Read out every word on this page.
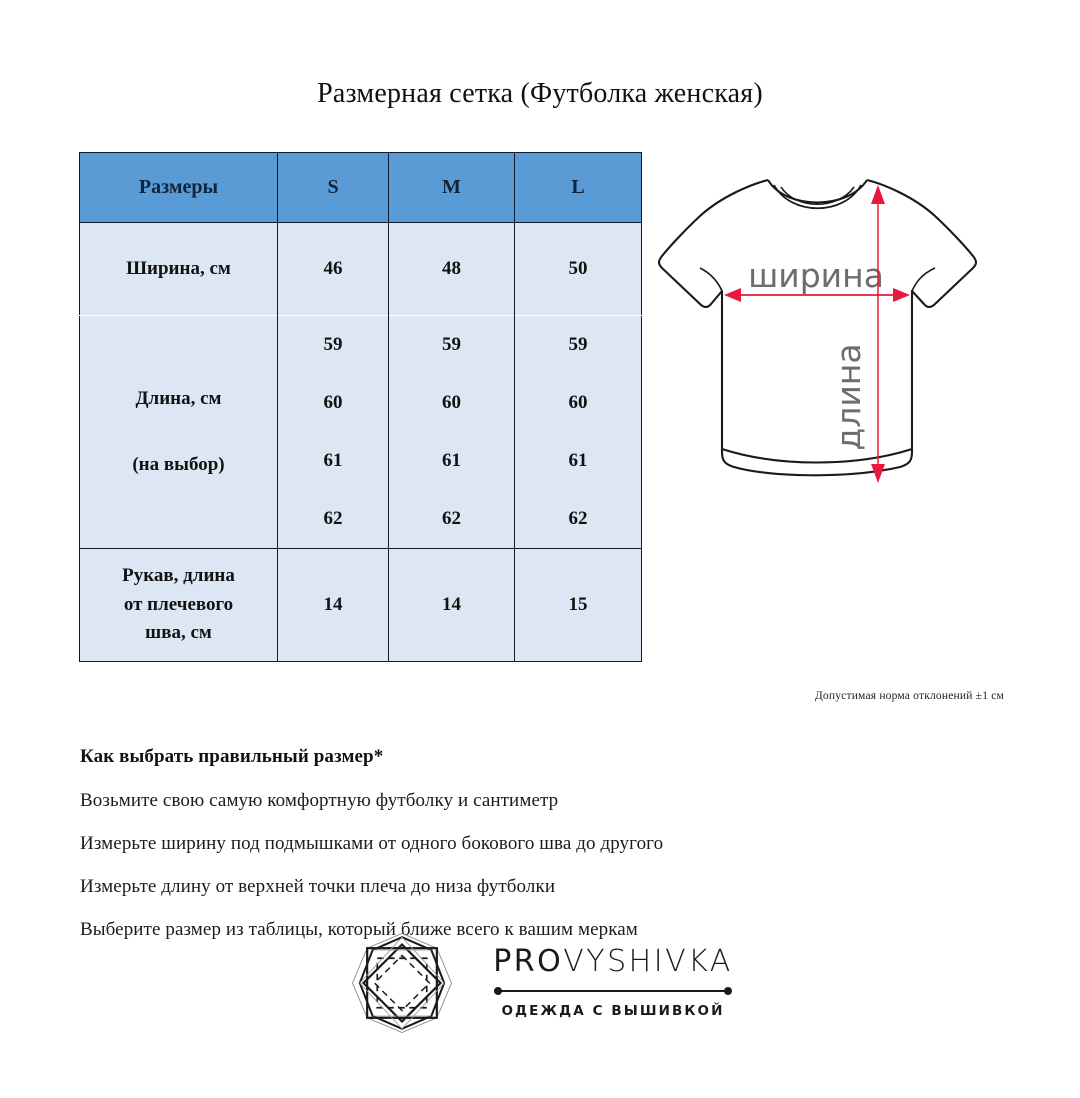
Размерная сетка (Футболка женская)
Размеры	S	M	L
Ширина, см	46	48	50

Длина, см
(на выбор)	59	59	59
	60	60	60
	61	61	61
	62	62	62
Рукав, длина
от плечевого
шва, см	14	14	15
ширина
длина
Допустимая норма отклонений ±1 см
Как выбрать правильный размер*
Возьмите свою самую комфортную футболку и сантиметр
Измерьте ширину под подмышками от одного бокового шва до другого
Измерьте длину от верхней точки плеча до низа футболки
Выберите размер из таблицы, который ближе всего к вашим меркам
PROVYSHIVKA
ОДЕЖДА С ВЫШИВКОЙ
